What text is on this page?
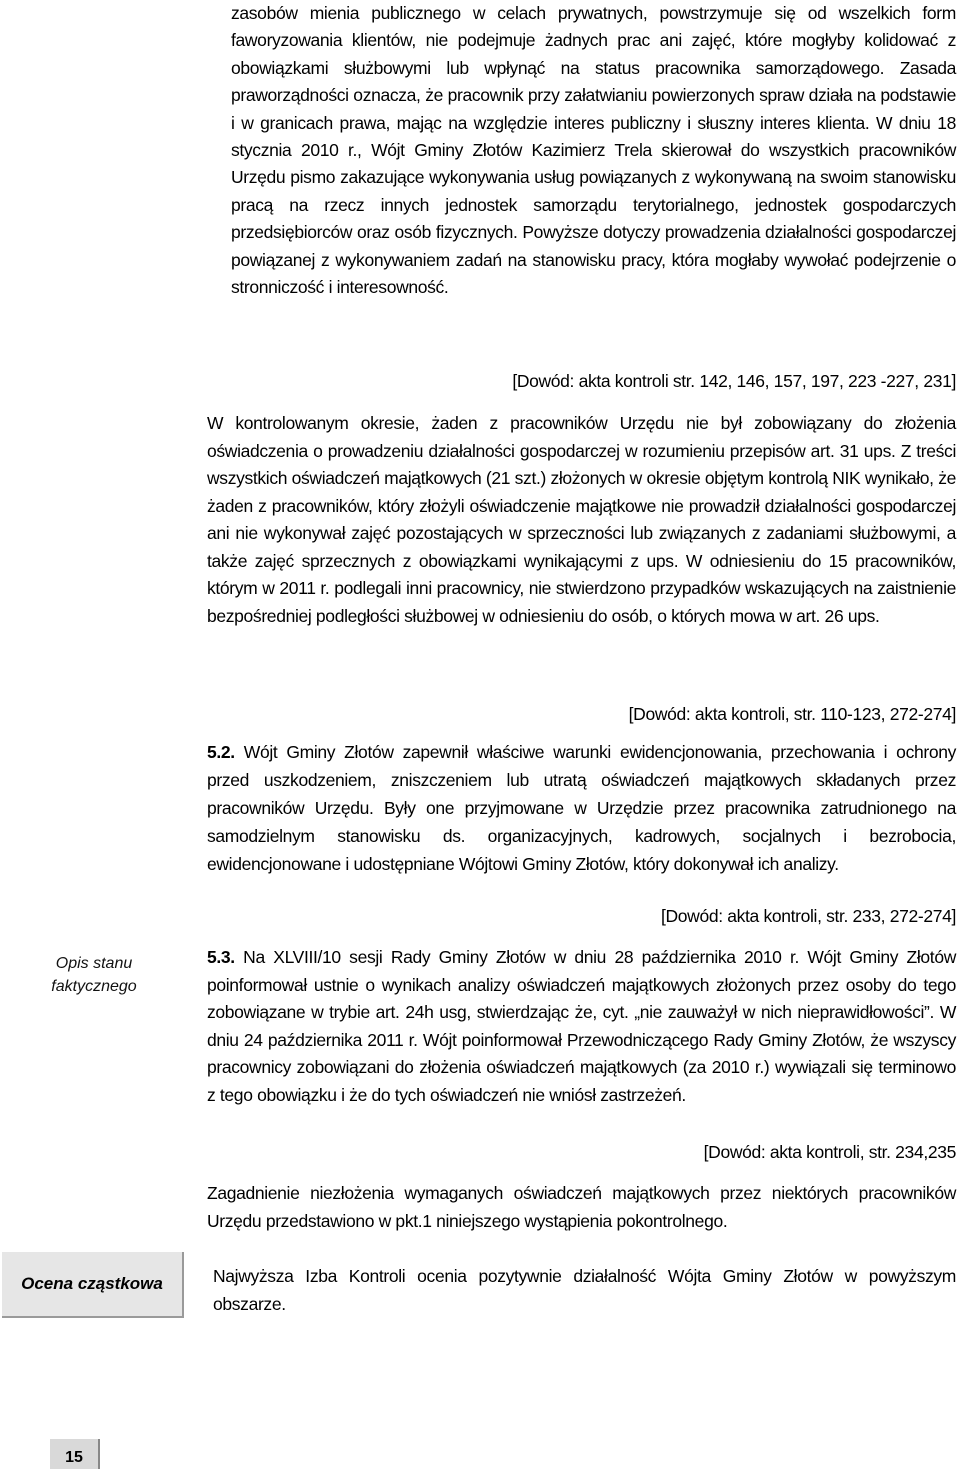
zasobów mienia publicznego w celach prywatnych, powstrzymuje się od wszelkich form faworyzowania klientów, nie podejmuje żadnych prac ani zajęć, które mogłyby kolidować z obowiązkami służbowymi lub wpłynąć na status pracownika samorządowego. Zasada praworządności oznacza, że pracownik przy załatwianiu powierzonych spraw działa na podstawie i w granicach prawa, mając na względzie interes publiczny i słuszny interes klienta. W dniu 18 stycznia 2010 r., Wójt Gminy Złotów Kazimierz Trela skierował do wszystkich pracowników Urzędu pismo zakazujące wykonywania usług powiązanych z wykonywaną na swoim stanowisku pracą na rzecz innych jednostek samorządu terytorialnego, jednostek gospodarczych przedsiębiorców oraz osób fizycznych. Powyższe dotyczy prowadzenia działalności gospodarczej powiązanej z wykonywaniem zadań na stanowisku pracy, która mogłaby wywołać podejrzenie o stronniczość i interesowność.

[Dowód: akta kontroli str. 142, 146, 157, 197, 223 -227, 231]

W kontrolowanym okresie, żaden z pracowników Urzędu nie był zobowiązany do złożenia oświadczenia o prowadzeniu działalności gospodarczej w rozumieniu przepisów art. 31 ups. Z treści wszystkich oświadczeń majątkowych (21 szt.) złożonych w okresie objętym kontrolą NIK wynikało, że żaden z pracowników, który złożyli oświadczenie majątkowe nie prowadził działalności gospodarczej ani nie wykonywał zajęć pozostających w sprzeczności lub związanych z zadaniami służbowymi, a także zajęć sprzecznych z obowiązkami wynikającymi z ups. W odniesieniu do 15 pracowników, którym w 2011 r. podlegali inni pracownicy, nie stwierdzono przypadków wskazujących na zaistnienie bezpośredniej podległości służbowej w odniesieniu do osób, o których mowa w art. 26 ups.

[Dowód: akta kontroli, str. 110-123, 272-274]

5.2. Wójt Gminy Złotów zapewnił właściwe warunki ewidencjonowania, przechowania i ochrony przed uszkodzeniem, zniszczeniem lub utratą oświadczeń majątkowych składanych przez pracowników Urzędu. Były one przyjmowane w Urzędzie przez pracownika zatrudnionego na samodzielnym stanowisku ds. organizacyjnych, kadrowych, socjalnych i bezrobocia, ewidencjonowane i udostępniane Wójtowi Gminy Złotów, który dokonywał ich analizy.

[Dowód: akta kontroli, str. 233, 272-274]

Opis stanu faktycznego

5.3. Na XLVIII/10 sesji Rady Gminy Złotów w dniu 28 października 2010 r. Wójt Gminy Złotów poinformował ustnie o wynikach analizy oświadczeń majątkowych złożonych przez osoby do tego zobowiązane w trybie art. 24h usg, stwierdzając że, cyt. „nie zauważył w nich nieprawidłowości”. W dniu 24 października 2011 r. Wójt poinformował Przewodniczącego Rady Gminy Złotów, że wszyscy pracownicy zobowiązani do złożenia oświadczeń majątkowych (za 2010 r.) wywiązali się terminowo z tego obowiązku i że do tych oświadczeń nie wniósł zastrzeżeń.

[Dowód: akta kontroli, str. 234,235

Zagadnienie niezłożenia wymaganych oświadczeń majątkowych przez niektórych pracowników Urzędu przedstawiono w pkt.1 niniejszego wystąpienia pokontrolnego.

Ocena cząstkowa	Najwyższa Izba Kontroli ocenia pozytywnie działalność Wójta Gminy Złotów w powyższym obszarze.

15
